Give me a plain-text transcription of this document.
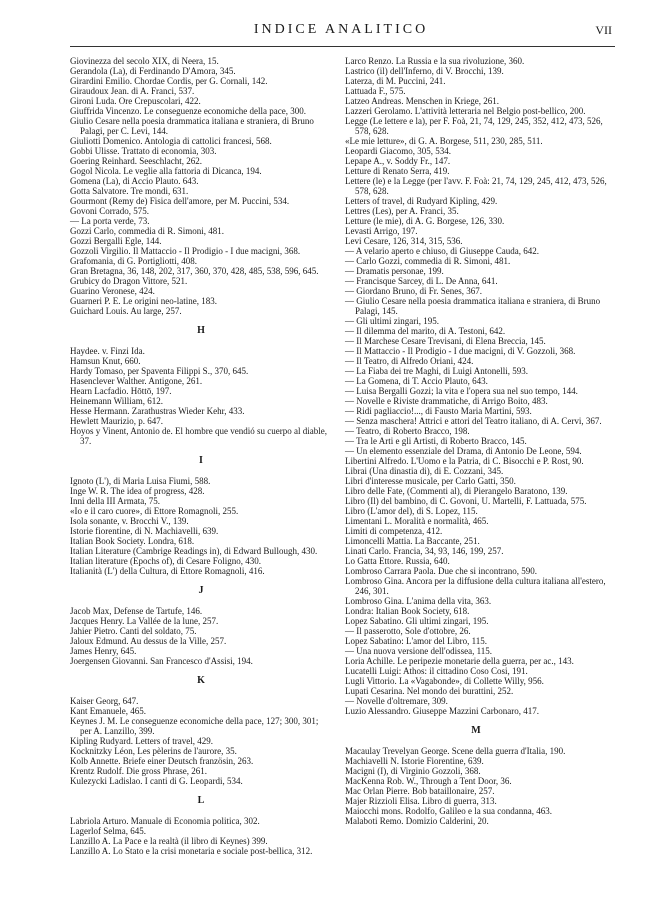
INDICE ANALITICO	VII
Giovinezza del secolo XIX, di Neera, 15.
Gerandola (La), di Ferdinando D'Amora, 345.
Girardini Emilio. Chordae Cordis, per G. Cornali, 142.
Giraudoux Jean. di A. Franci, 537.
Gironi Luda. Ore Crepuscolari, 422.
Giuffrida Vincenzo. Le conseguenze economiche della pace, 300.
Giulio Cesare nella poesia drammatica italiana e straniera, di Bruno Palagi, per C. Levi, 144.
Giuliotti Domenico. Antologia di cattolici francesi, 568.
Gobbi Ulisse. Trattato di economia, 303.
Goering Reinhard. Seeschlacht, 262.
Gogol Nicola. Le veglie alla fattoria di Dicanca, 194.
Gomena (La), di Accio Plauto. 643.
Gotta Salvatore. Tre mondi, 631.
Gourmont (Remy de) Fisica dell'amore, per M. Puccini, 534.
Govoni Corrado, 575.
— La porta verde, 73.
Gozzi Carlo, commedia di R. Simoni, 481.
Gozzi Bergalli Egle, 144.
Gozzoli Virgilio. Il Mattaccio - Il Prodigio - I due macigni, 368.
Grafomania, di G. Portigliotti, 408.
Gran Bretagna, 36, 148, 202, 317, 360, 370, 428, 485, 538, 596, 645.
Grubicy do Dragon Vittore, 521.
Guarino Veronese, 424.
Guarneri P. E. Le origini neo-latine, 183.
Guichard Louis. Au large, 257.
H
Haydee. v. Finzi Ida.
Hamsun Knut, 660.
Hardy Tomaso, per Spaventa Filippi S., 370, 645.
Hasenclever Walther. Antigone, 261.
Hearn Lacfadio. Hōttō, 197.
Heinemann William, 612.
Hesse Hermann. Zarathustras Wieder Kehr, 433.
Hewlett Maurizio, p. 647.
Hoyos y Vinent, Antonio de. El hombre que vendió su cuerpo al diable, 37.
I
Ignoto (L'), di Maria Luisa Fiumi, 588.
Inge W. R. The idea of progress, 428.
Inni della III Armata, 75.
«Io e il caro cuore», di Ettore Romagnoli, 255.
Isola sonante, v. Brocchi V., 139.
Istorie fiorentine, di N. Machiavelli, 639.
Italian Book Society. Londra, 618.
Italian Literature (Cambrige Readings in), di Edward Bullough, 430.
Italian literature (Epochs of), di Cesare Foligno, 430.
Italianità (L') della Cultura, di Ettore Romagnoli, 416.
J
Jacob Max, Defense de Tartufe, 146.
Jacques Henry. La Vallée de la lune, 257.
Jahier Pietro. Canti del soldato, 75.
Jaloux Edmund. Au dessus de la Ville, 257.
James Henry, 645.
Joergensen Giovanni. San Francesco d'Assisi, 194.
K
Kaiser Georg, 647.
Kant Emanuele, 465.
Keynes J. M. Le conseguenze economiche della pace, 127; 300, 301; per A. Lanzillo, 399.
Kipling Rudyard. Letters of travel, 429.
Kocknitzky Léon, Les pèlerins de l'aurore, 35.
Kolb Annette. Briefe einer Deutsch französin, 263.
Krentz Rudolf. Die gross Phrase, 261.
Kulezycki Ladislao. I canti di G. Leopardi, 534.
L
Labriola Arturo. Manuale di Economia politica, 302.
Lagerlof Selma, 645.
Lanzillo A. La Pace e la realtà (il libro di Keynes) 399.
Lanzillo A. Lo Stato e la crisi monetaria e sociale post-bellica, 312.
Larco Renzo. La Russia e la sua rivoluzione, 360.
Lastrico (il) dell'Inferno, di V. Brocchi, 139.
Laterza, di M. Puccini, 241.
Lattuada F., 575.
Latzeo Andreas. Menschen in Kriege, 261.
Lazzeri Gerolamo. L'attività letteraria nel Belgio post-bellico, 200.
Legge (Le lettere e la), per F. Foà, 21, 74, 129, 245, 352, 412, 473, 526, 578, 628.
«Le mie letture», di G. A. Borgese, 511, 230, 285, 511.
Leopardi Giacomo, 305, 534.
Lepape A., v. Soddy Fr., 147.
Letture di Renato Serra, 419.
Lettere (le) e la Legge (per l'avv. F. Foà: 21, 74, 129, 245, 412, 473, 526, 578, 628.
Letters of travel, di Rudyard Kipling, 429.
Lettres (Les), per A. Franci, 35.
Letture (le mie), di A. G. Borgese, 126, 330.
Levasti Arrigo, 197.
Levi Cesare, 126, 314, 315, 536.
— A velario aperto e chiuso, di Giuseppe Cauda, 642.
— Carlo Gozzi, commedia di R. Simoni, 481.
— Dramatis personae, 199.
— Francisque Sarcey, di L. De Anna, 641.
— Giordano Bruno, di Fr. Senes, 367.
— Giulio Cesare nella poesia drammatica italiana e straniera, di Bruno Palagi, 145.
— Gli ultimi zingari, 195.
— Il dilemma del marito, di A. Testoni, 642.
— Il Marchese Cesare Trevisani, di Elena Breccia, 145.
— Il Mattaccio - Il Prodigio - I due macigni, di V. Gozzoli, 368.
— Il Teatro, di Alfredo Oriani, 424.
— La Fiaba dei tre Maghi, di Luigi Antonelli, 593.
— La Gomena, di T. Accio Plauto, 643.
— Luisa Bergalli Gozzi; la vita e l'opera sua nel suo tempo, 144.
— Novelle e Riviste drammatiche, di Arrigo Boito, 483.
— Ridi pagliaccio!..., di Fausto Maria Martini, 593.
— Senza maschera! Attrici e attori del Teatro italiano, di A. Cervi, 367.
— Teatro, di Roberto Bracco, 198.
— Tra le Arti e gli Artisti, di Roberto Bracco, 145.
— Un elemento essenziale del Drama, di Antonio De Leone, 594.
Libertini Alfredo. L'Uomo e la Patria, di C. Bisocchi e P. Rost, 90.
Librai (Una dinastia di), di E. Cozzani, 345.
Libri d'interesse musicale, per Carlo Gatti, 350.
Libro delle Fate, (Commenti al), di Pierangelo Baratono, 139.
Libro (Il) del bambino, di C. Govoni, U. Martelli, F. Lattuada, 575.
Libro (L'amor del), di S. Lopez, 115.
Limentani L. Moralità e normalità, 465.
Limiti di competenza, 412.
Limoncelli Mattia. La Baccante, 251.
Linati Carlo. Francia, 34, 93, 146, 199, 257.
Lo Gatta Ettore. Russia, 640.
Lombroso Carrara Paola. Due che si incontrano, 590.
Lombroso Gina. Ancora per la diffusione della cultura italiana all'estero, 246, 301.
Lombroso Gina. L'anima della vita, 363.
Londra: Italian Book Society, 618.
Lopez Sabatino. Gli ultimi zingari, 195.
— Il passerotto, Sole d'ottobre, 26.
Lopez Sabatino: L'amor del Libro, 115.
— Una nuova versione dell'odissea, 115.
Loria Achille. Le peripezie monetarie della guerra, per ac., 143.
Lucatelli Luigi: Athos: il cittadino Coso Cosi, 191.
Lugli Vittorio. La «Vagabonde», di Collette Willy, 956.
Lupati Cesarina. Nel mondo dei burattini, 252.
— Novelle d'oltremare, 309.
Luzio Alessandro. Giuseppe Mazzini Carbonaro, 417.
M
Macaulay Trevelyan George. Scene della guerra d'Italia, 190.
Machiavelli N. Istorie Fiorentine, 639.
Macigni (I), di Virginio Gozzoli, 368.
MacKenna Rob. W., Through a Tent Door, 36.
Mac Orlan Pierre. Bob bataillonaire, 257.
Majer Rizzioli Elisa. Libro di guerra, 313.
Maiocchi mons. Rodolfo, Galileo e la sua condanna, 463.
Malaboti Remo. Domizio Calderini, 20.
